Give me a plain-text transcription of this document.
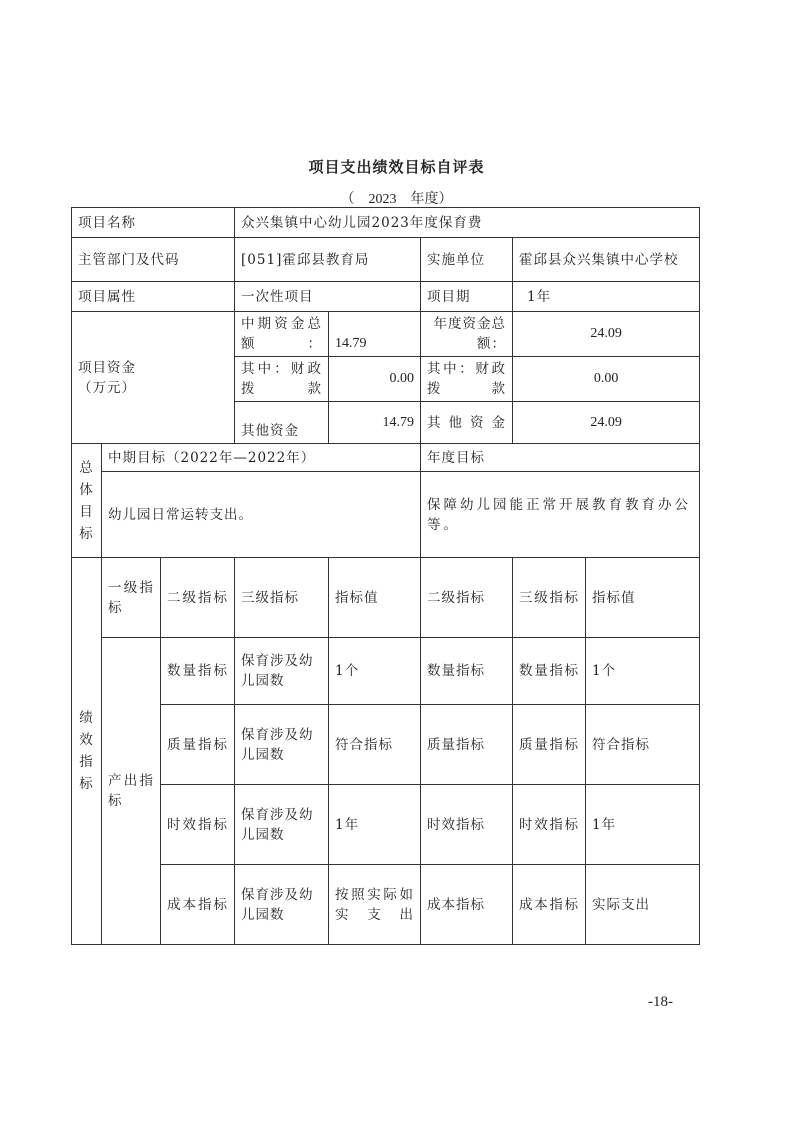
项目支出绩效目标自评表
（ 2023 年度）
项目名称			众兴集镇中心幼儿园2023年度保育费				
主管部门及代码			[051]霍邱县教育局		实施单位	霍邱县众兴集镇中心学校	
项目属性			一次性项目		项目期	1年	

项目资金
（万元）			中期资金总额：	14.79	年度资金总额：	24.09	
			其中：财政拨款	0.00	其中：财政拨款	0.00	
			其他资金	14.79	其他资金	24.09	

总
体
目
标	中期目标（2022年—2022年）				年度目标		
	幼儿园日常运转支出。				保障幼儿园能正常开展教育教育办公等。		

绩
效
指
标	一级指标	二级指标	三级指标	指标值	二级指标	三级指标	指标值
	产出指标	数量指标	保育涉及幼儿园数	1个	数量指标	数量指标	1个
		质量指标	保育涉及幼儿园数	符合指标	质量指标	质量指标	符合指标
		时效指标	保育涉及幼儿园数	1年	时效指标	时效指标	1年
		成本指标	保育涉及幼儿园数	按照实际如实支出	成本指标	成本指标	实际支出
-18-
